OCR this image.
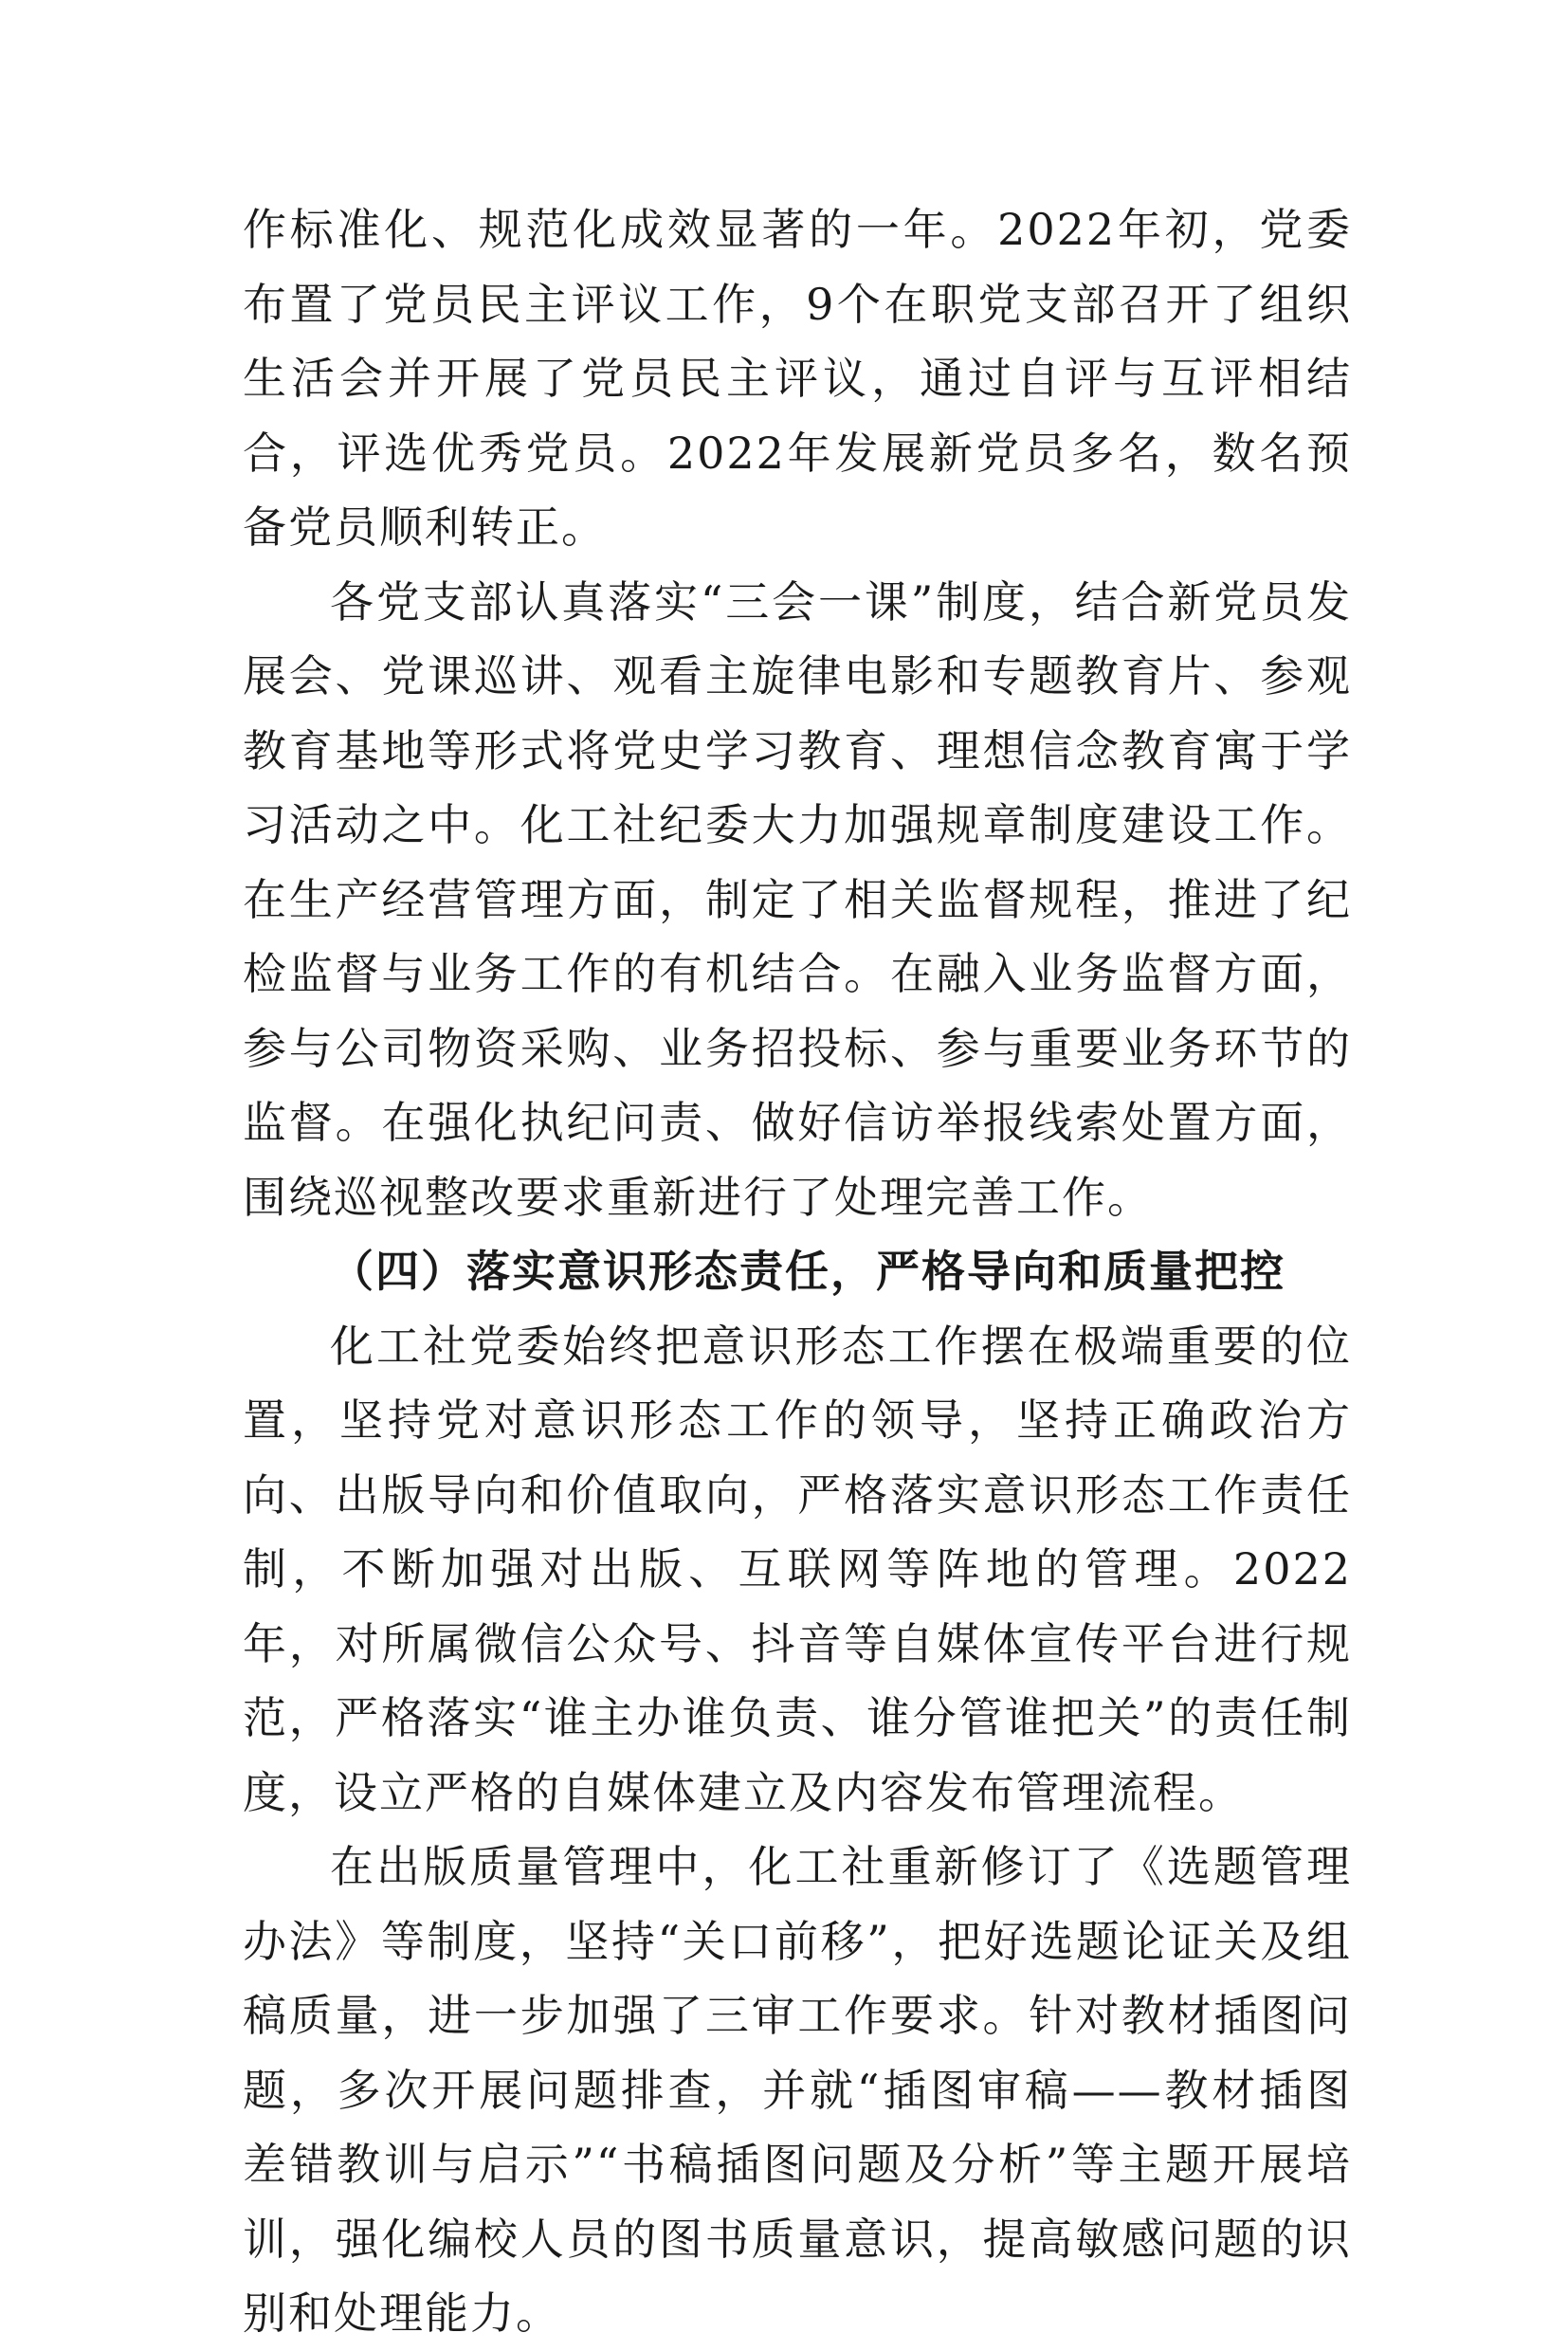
作标准化、规范化成效显著的一年。2022年初，党委布置了党员民主评议工作，9个在职党支部召开了组织生活会并开展了党员民主评议，通过自评与互评相结合，评选优秀党员。2022年发展新党员多名，数名预备党员顺利转正。

各党支部认真落实“三会一课”制度，结合新党员发展会、党课巡讲、观看主旋律电影和专题教育片、参观教育基地等形式将党史学习教育、理想信念教育寓于学习活动之中。化工社纪委大力加强规章制度建设工作。在生产经营管理方面，制定了相关监督规程，推进了纪检监督与业务工作的有机结合。在融入业务监督方面，参与公司物资采购、业务招投标、参与重要业务环节的监督。在强化执纪问责、做好信访举报线索处置方面，围绕巡视整改要求重新进行了处理完善工作。

（四）落实意识形态责任，严格导向和质量把控

化工社党委始终把意识形态工作摆在极端重要的位置，坚持党对意识形态工作的领导，坚持正确政治方向、出版导向和价值取向，严格落实意识形态工作责任制，不断加强对出版、互联网等阵地的管理。2022年，对所属微信公众号、抖音等自媒体宣传平台进行规范，严格落实“谁主办谁负责、谁分管谁把关”的责任制度，设立严格的自媒体建立及内容发布管理流程。

在出版质量管理中，化工社重新修订了《选题管理办法》等制度，坚持“关口前移”，把好选题论证关及组稿质量，进一步加强了三审工作要求。针对教材插图问题，多次开展问题排查，并就“插图审稿——教材插图差错教训与启示”“书稿插图问题及分析”等主题开展培训，强化编校人员的图书质量意识，提高敏感问题的识别和处理能力。
